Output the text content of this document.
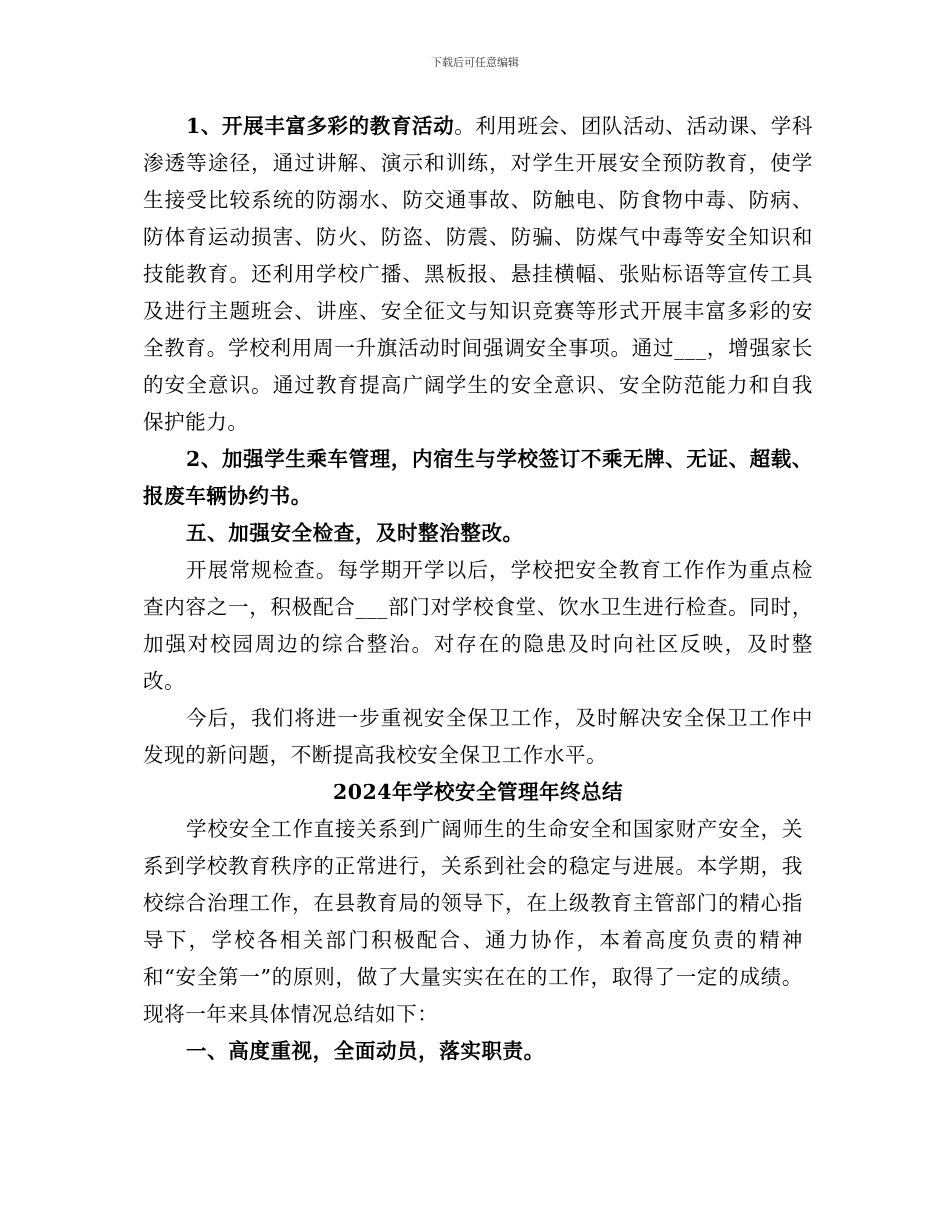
下载后可任意编辑

1、开展丰富多彩的教育活动。利用班会、团队活动、活动课、学科渗透等途径，通过讲解、演示和训练，对学生开展安全预防教育，使学生接受比较系统的防溺水、防交通事故、防触电、防食物中毒、防病、防体育运动损害、防火、防盗、防震、防骗、防煤气中毒等安全知识和技能教育。还利用学校广播、黑板报、悬挂横幅、张贴标语等宣传工具及进行主题班会、讲座、安全征文与知识竞赛等形式开展丰富多彩的安全教育。学校利用周一升旗活动时间强调安全事项。通过___，增强家长的安全意识。通过教育提高广阔学生的安全意识、安全防范能力和自我保护能力。

2、加强学生乘车管理，内宿生与学校签订不乘无牌、无证、超载、报废车辆协约书。

五、加强安全检查，及时整治整改。

开展常规检查。每学期开学以后，学校把安全教育工作作为重点检查内容之一，积极配合___部门对学校食堂、饮水卫生进行检查。同时，加强对校园周边的综合整治。对存在的隐患及时向社区反映，及时整改。

今后，我们将进一步重视安全保卫工作，及时解决安全保卫工作中发现的新问题，不断提高我校安全保卫工作水平。

2024年学校安全管理年终总结

学校安全工作直接关系到广阔师生的生命安全和国家财产安全，关系到学校教育秩序的正常进行，关系到社会的稳定与进展。本学期，我校综合治理工作，在县教育局的领导下，在上级教育主管部门的精心指导下，学校各相关部门积极配合、通力协作，本着高度负责的精神和“安全第一”的原则，做了大量实实在在的工作，取得了一定的成绩。现将一年来具体情况总结如下：

一、高度重视，全面动员，落实职责。
